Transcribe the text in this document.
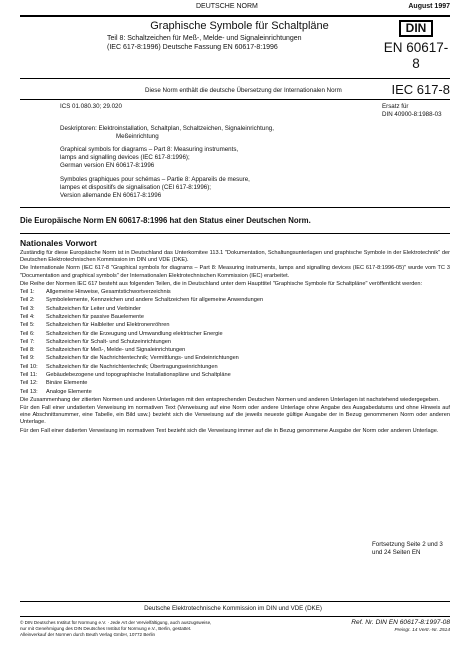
DEUTSCHE NORM	August 1997
Graphische Symbole für Schaltpläne
Teil 8: Schaltzeichen für Meß-, Melde- und Signaleinrichtungen
(IEC 617-8:1996) Deutsche Fassung EN 60617-8:1996
DIN
EN 60617-8
Diese Norm enthält die deutsche Übersetzung der Internationalen Norm	IEC 617-8
ICS 01.080.30; 29.020	Ersatz für
DIN 40900-8:1988-03
Deskriptoren: Elektroinstallation, Schaltplan, Schaltzeichen, Signaleinrichtung,
Meßeinrichtung
Graphical symbols for diagrams – Part 8: Measuring instruments,
lamps and signalling devices (IEC 617-8:1996);
German version EN 60617-8:1996
Symboles graphiques pour schémas – Partie 8: Appareils de mesure,
lampes et dispositifs de signalisation (CEI 617-8:1996);
Version allemande EN 60617-8:1996
Die Europäische Norm EN 60617-8:1996 hat den Status einer Deutschen Norm.
Nationales Vorwort
Zuständig für diese Europäische Norm ist in Deutschland das Unterkomitee 113.1 "Dokumentation, Schaltungsunterlagen und graphische Symbole in der Elektrotechnik" der Deutschen Elektrotechnischen Kommission im DIN und VDE (DKE).
Die Internationale Norm (IEC 617-8 "Graphical symbols for diagrams – Part 8: Measuring instruments, lamps and signalling devices (IEC 617-8:1996-05)" wurde vom TC 3 "Documentation and graphical symbols" der Internationalen Elektrotechnischen Kommission (IEC) erarbeitet.
Die Reihe der Normen IEC 617 besteht aus folgenden Teilen, die in Deutschland unter dem Haupttitel "Graphische Symbole für Schaltpläne" veröffentlicht werden:
Teil 1:	Allgemeine Hinweise, Gesamtstichwortverzeichnis
Teil 2:	Symbolelemente, Kennzeichen und andere Schaltzeichen für allgemeine Anwendungen
Teil 3:	Schaltzeichen für Leiter und Verbinder
Teil 4:	Schaltzeichen für passive Bauelemente
Teil 5:	Schaltzeichen für Halbleiter und Elektronenröhren
Teil 6:	Schaltzeichen für die Erzeugung und Umwandlung elektrischer Energie
Teil 7:	Schaltzeichen für Schalt- und Schutzeinrichtungen
Teil 8:	Schaltzeichen für Meß-, Melde- und Signaleinrichtungen
Teil 9:	Schaltzeichen für die Nachrichtentechnik; Vermittlungs- und Endeinrichtungen
Teil 10:	Schaltzeichen für die Nachrichtentechnik; Übertragungseinrichtungen
Teil 11:	Gebäudebezogene und topographische Installationspläne und Schaltpläne
Teil 12:	Binäre Elemente
Teil 13:	Analoge Elemente
Die Zusammenhang der zitierten Normen und anderen Unterlagen mit den entsprechenden Deutschen Normen und anderen Unterlagen ist nachstehend wiedergegeben.
Für den Fall einer undatierten Verweisung im normativen Text (Verweisung auf eine Norm oder andere Unterlage ohne Angabe des Ausgabedatums und ohne Hinweis auf eine Abschnittsnummer, eine Tabelle, ein Bild usw.) bezieht sich die Verweisung auf die jeweils neueste gültige Ausgabe der in Bezug genommenen Norm oder anderen Unterlage.
Für den Fall einer datierten Verweisung im normativen Text bezieht sich die Verweisung immer auf die in Bezug genommene Ausgabe der Norm oder anderen Unterlage.
Fortsetzung Seite 2 und 3
und 24 Seiten EN
Deutsche Elektrotechnische Kommission im DIN und VDE (DKE)
© DIN Deutsches Institut für Normung e.V. · Jede Art der Vervielfältigung, auch auszugsweise,
nur mit Genehmigung des DIN Deutsches Institut für Normung e.V., Berlin, gestattet.
Alleinverkauf der Normen durch Beuth Verlag GmbH, 10772 Berlin
Ref. Nr. DIN EN 60617-8:1997-08
Preisgr. 14 Vertr.-Nr. 2514
